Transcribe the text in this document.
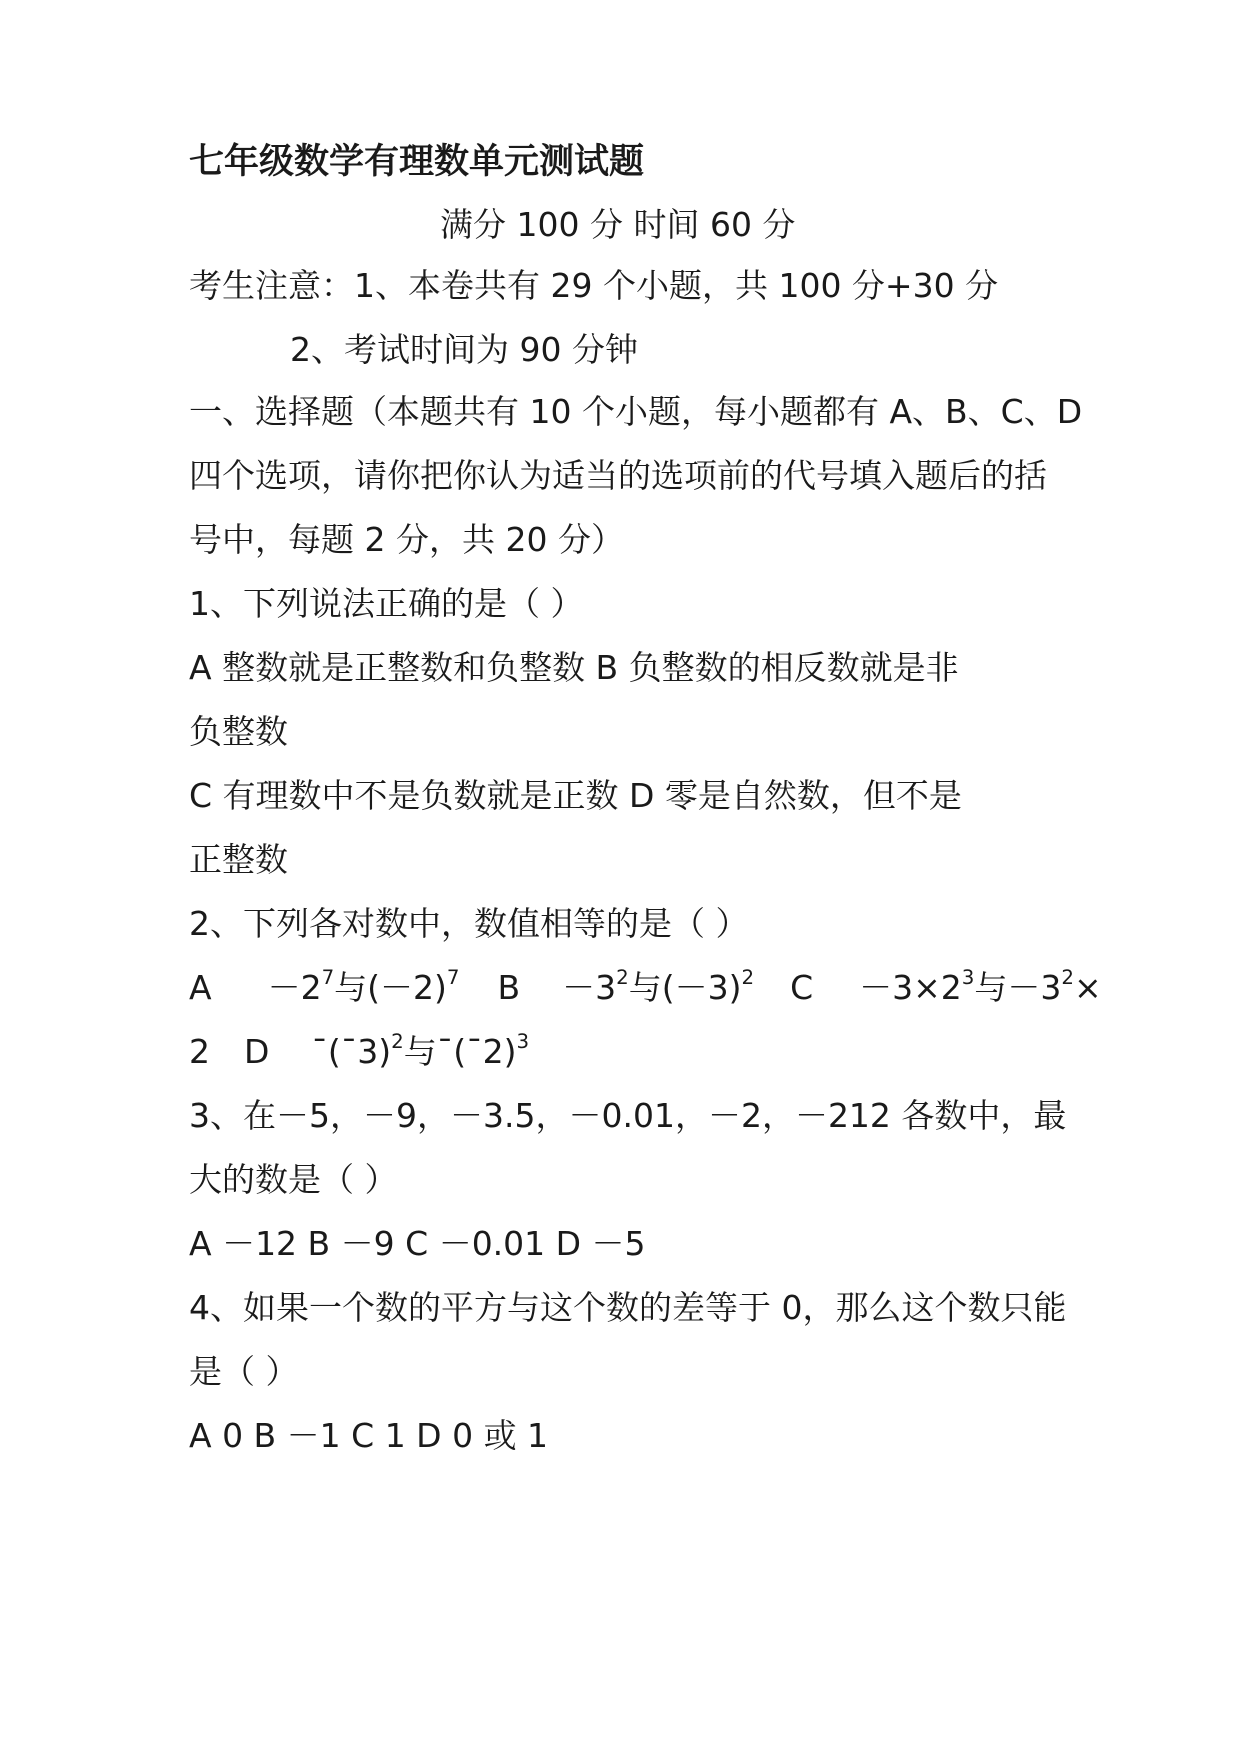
七年级数学有理数单元测试题
满分 100 分 时间 60 分
考生注意：1、本卷共有 29 个小题，共 100 分+30 分
2、考试时间为 90 分钟
一、选择题（本题共有 10 个小题，每小题都有 A、B、C、D
四个选项，请你把你认为适当的选项前的代号填入题后的括
号中，每题 2 分，共 20 分）
1、下列说法正确的是（ ）
A 整数就是正整数和负整数 B 负整数的相反数就是非
负整数
C 有理数中不是负数就是正数 D 零是自然数，但不是
正整数
2、下列各对数中，数值相等的是（ ）
$A -2^7$与$(-2)^7$ $B -3^2$与$(-3)^2$ $C -3\times 2^3$与$-3^2\times$
2 D ¯(¯3)$^2$与¯(¯2)$^3$
3、在－5，－9，－3.5，－0.01，－2，－212 各数中，最
大的数是（ ）
A －12 B －9 C －0.01 D －5
4、如果一个数的平方与这个数的差等于 0，那么这个数只能
是（ ）
A 0 B －1 C 1 D 0 或 1
